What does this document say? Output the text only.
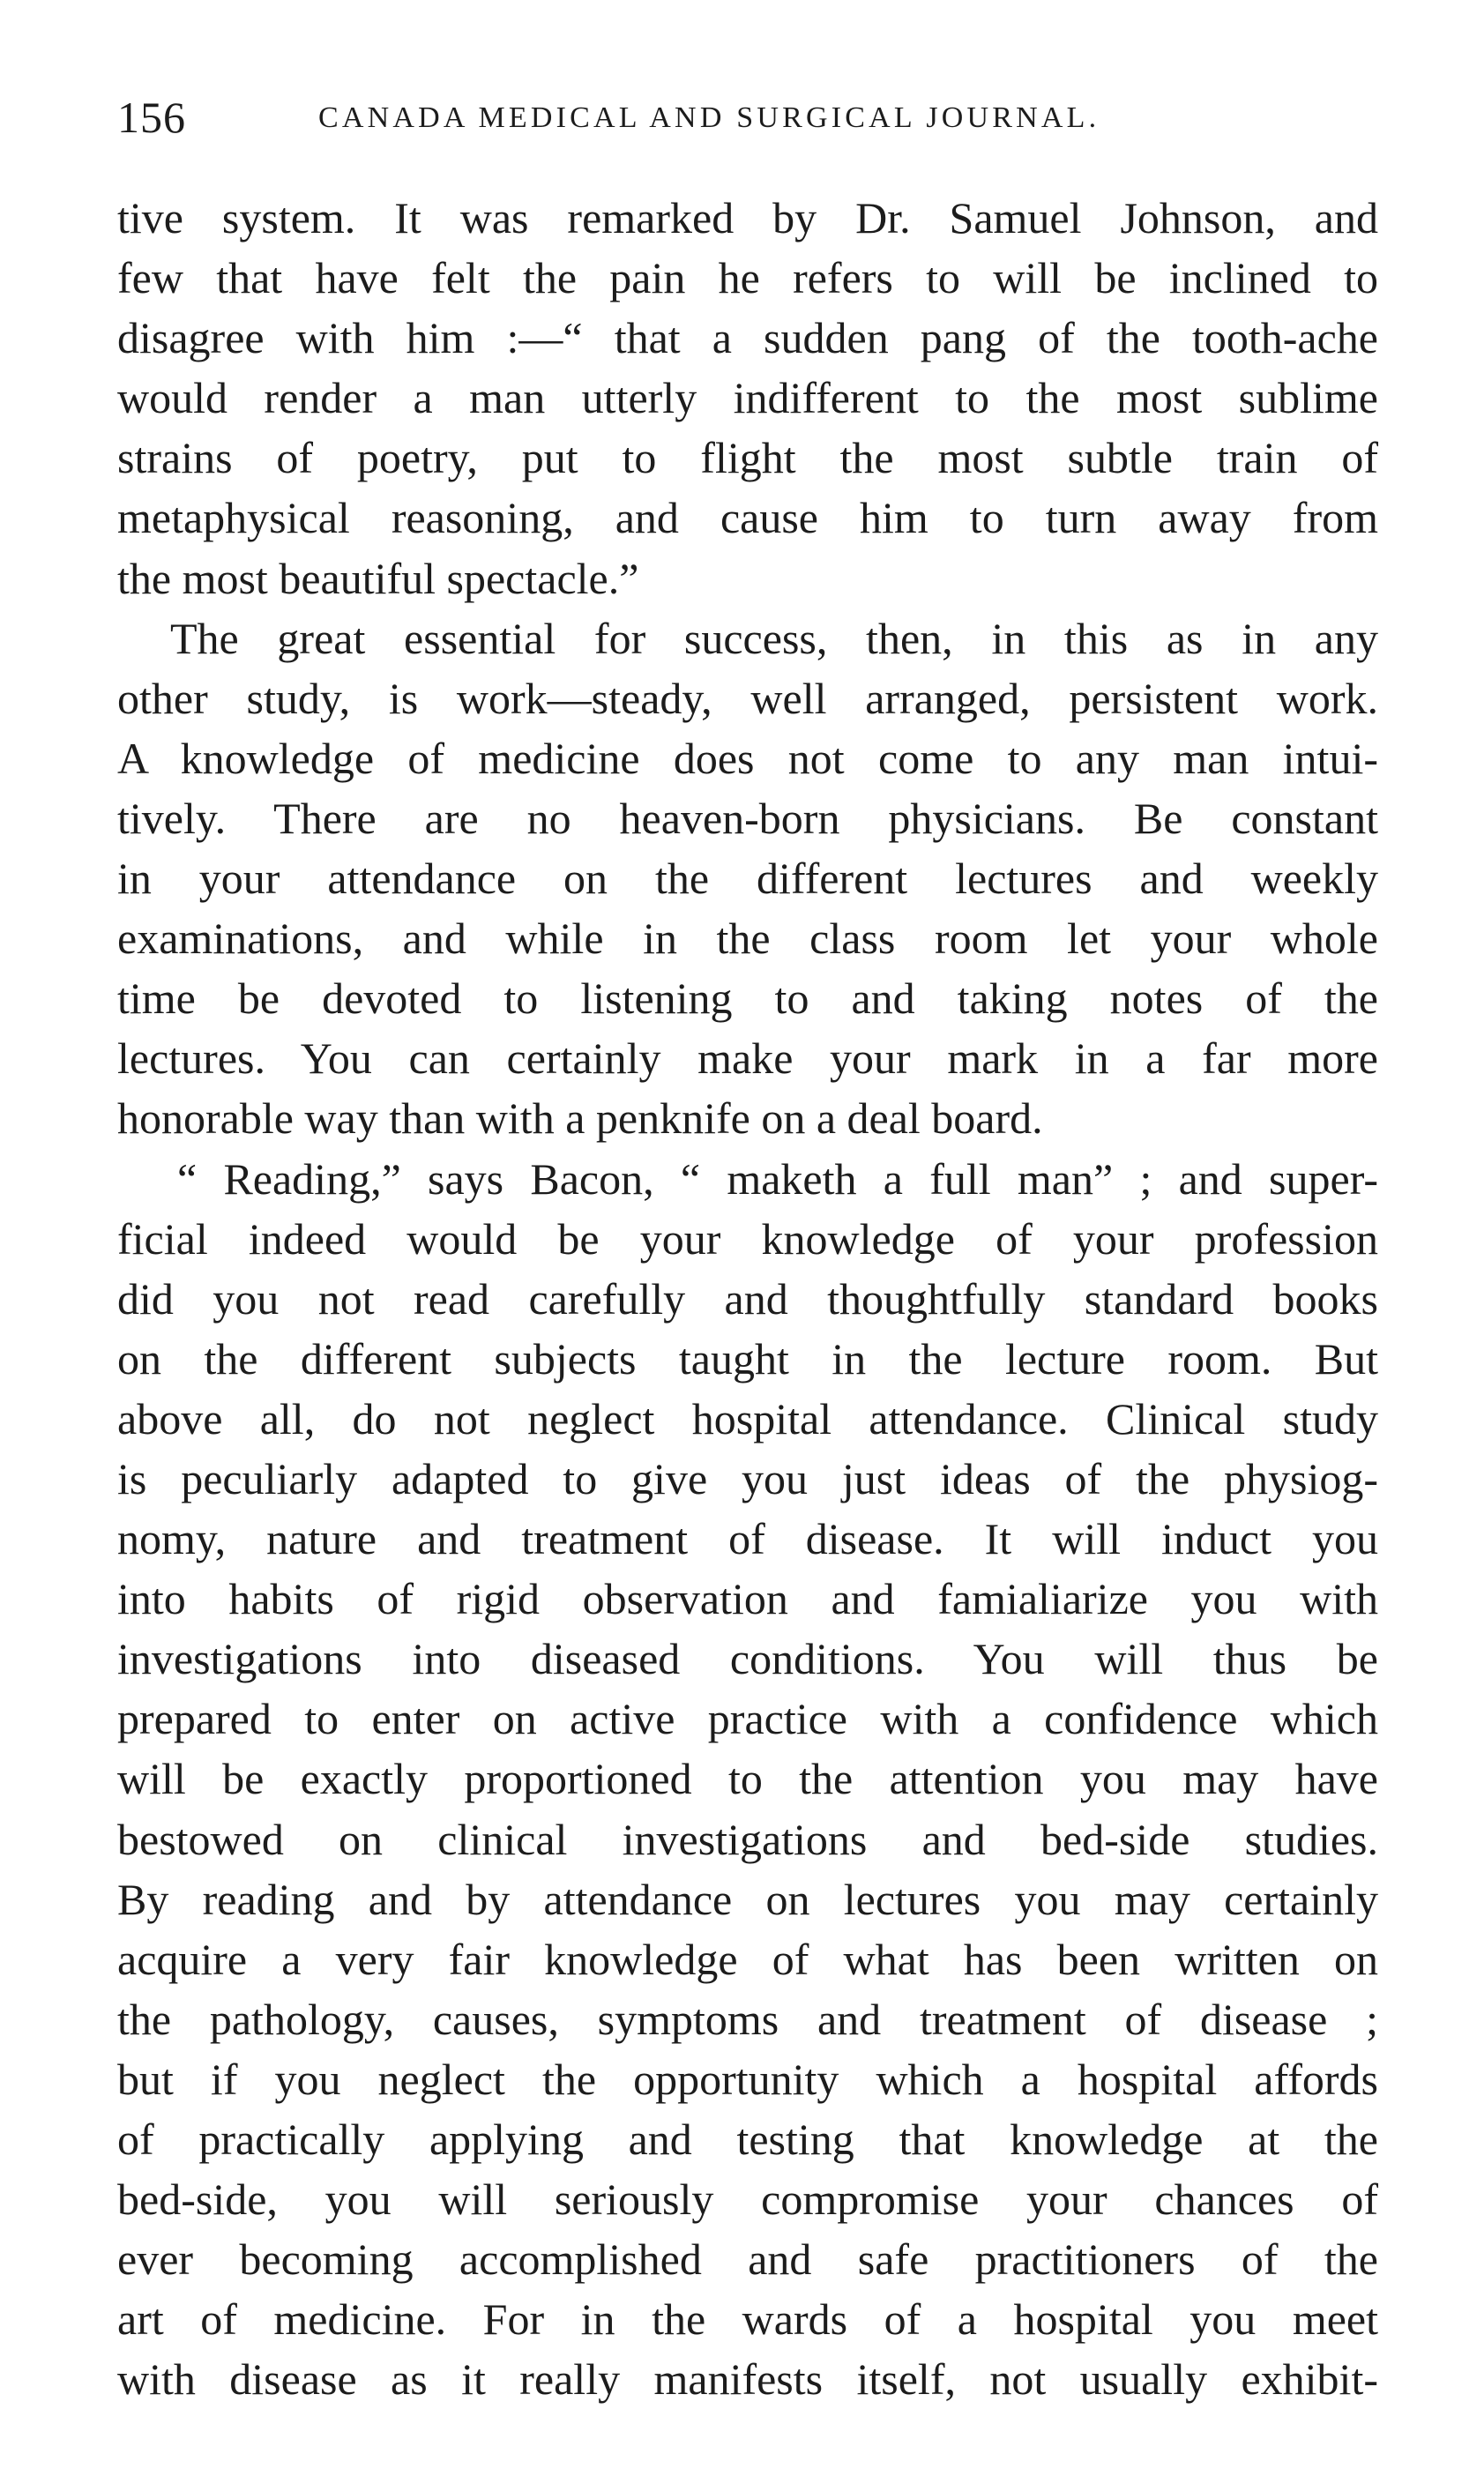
156	CANADA MEDICAL AND SURGICAL JOURNAL.
tive system. It was remarked by Dr. Samuel Johnson, and
few that have felt the pain he refers to will be inclined to
disagree with him :—“ that a sudden pang of the tooth-ache
would render a man utterly indifferent to the most sublime
strains of poetry, put to flight the most subtle train of
metaphysical reasoning, and cause him to turn away from
the most beautiful spectacle.”
The great essential for success, then, in this as in any
other study, is work—steady, well arranged, persistent work.
A knowledge of medicine does not come to any man intui-
tively. There are no heaven-born physicians. Be constant
in your attendance on the different lectures and weekly
examinations, and while in the class room let your whole
time be devoted to listening to and taking notes of the
lectures. You can certainly make your mark in a far more
honorable way than with a penknife on a deal board.
“ Reading,” says Bacon, “ maketh a full man” ; and super-
ficial indeed would be your knowledge of your profession
did you not read carefully and thoughtfully standard books
on the different subjects taught in the lecture room. But
above all, do not neglect hospital attendance. Clinical study
is peculiarly adapted to give you just ideas of the physiog-
nomy, nature and treatment of disease. It will induct you
into habits of rigid observation and famialiarize you with
investigations into diseased conditions. You will thus be
prepared to enter on active practice with a confidence which
will be exactly proportioned to the attention you may have
bestowed on clinical investigations and bed-side studies.
By reading and by attendance on lectures you may certainly
acquire a very fair knowledge of what has been written on
the pathology, causes, symptoms and treatment of disease ;
but if you neglect the opportunity which a hospital affords
of practically applying and testing that knowledge at the
bed-side, you will seriously compromise your chances of
ever becoming accomplished and safe practitioners of the
art of medicine. For in the wards of a hospital you meet
with disease as it really manifests itself, not usually exhibit-
